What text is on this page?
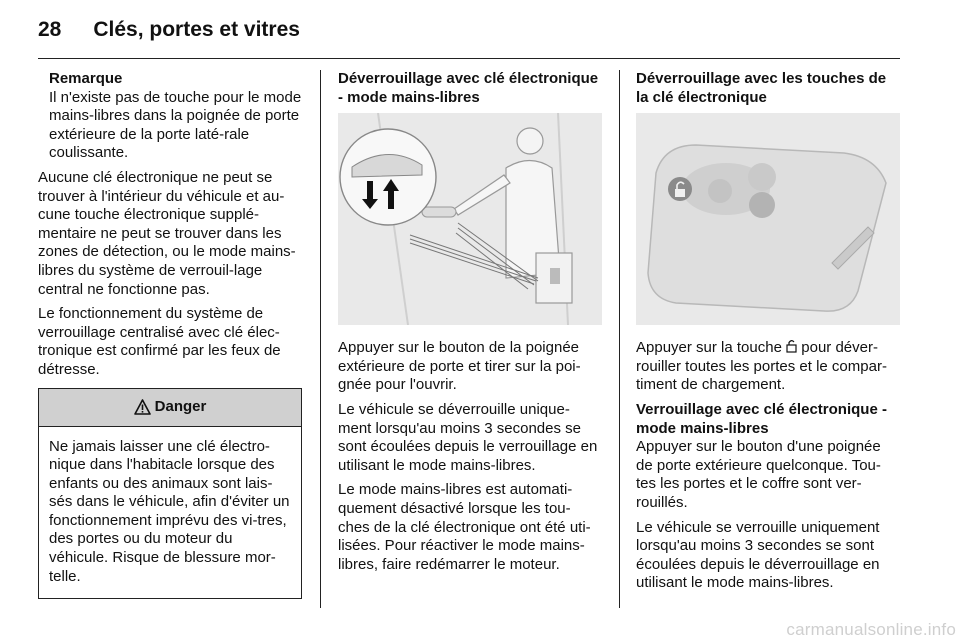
28 Clés, portes et vitres
Remarque
Il n'existe pas de touche pour le mode mains-libres dans la poignée de porte extérieure de la porte laté-rale coulissante.

Aucune clé électronique ne peut se trouver à l'intérieur du véhicule et au-cune touche électronique supplé-mentaire ne peut se trouver dans les zones de détection, ou le mode mains-libres du système de verrouil-lage central ne fonctionne pas.

Le fonctionnement du système de verrouillage centralisé avec clé élec-tronique est confirmé par les feux de détresse.

Danger
Ne jamais laisser une clé électro-nique dans l'habitacle lorsque des enfants ou des animaux sont lais-sés dans le véhicule, afin d'éviter un fonctionnement imprévu des vi-tres, des portes ou du moteur du véhicule. Risque de blessure mor-telle.

Déverrouillage avec clé électronique - mode mains-libres

Appuyer sur le bouton de la poignée extérieure de porte et tirer sur la poi-gnée pour l'ouvrir.

Le véhicule se déverrouille unique-ment lorsqu'au moins 3 secondes se sont écoulées depuis le verrouillage en utilisant le mode mains-libres.

Le mode mains-libres est automati-quement désactivé lorsque les tou-ches de la clé électronique ont été uti-lisées. Pour réactiver le mode mains-libres, faire redémarrer le moteur.

Déverrouillage avec les touches de la clé électronique

Appuyer sur la touche pour déver-rouiller toutes les portes et le compar-timent de chargement.

Verrouillage avec clé électronique - mode mains-libres

Appuyer sur le bouton d'une poignée de porte extérieure quelconque. Tou-tes les portes et le coffre sont ver-rouillés.

Le véhicule se verrouille uniquement lorsqu'au moins 3 secondes se sont écoulées depuis le déverrouillage en utilisant le mode mains-libres.

carmanualsonline.info
